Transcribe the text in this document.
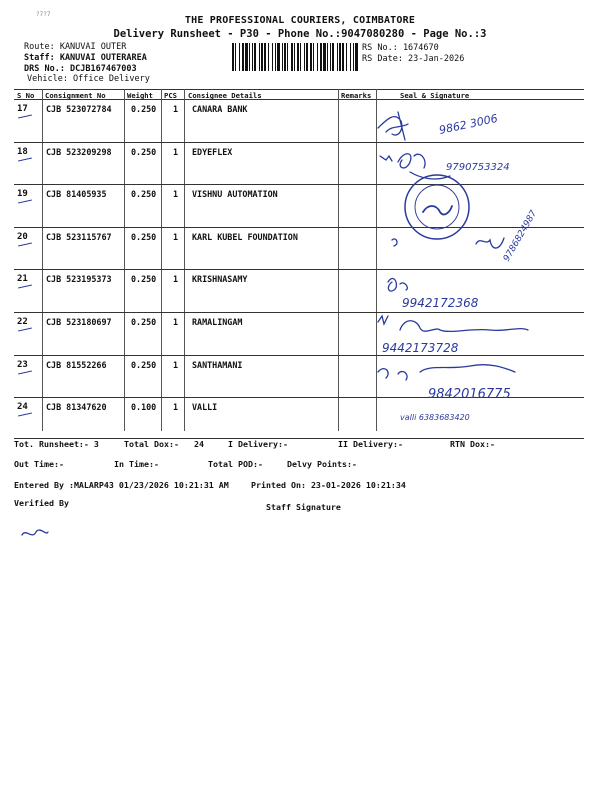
?7?7
THE PROFESSIONAL COURIERS, COIMBATORE
Delivery Runsheet - P30 - Phone No.:9047080280 - Page No.:3
Route: KANUVAI OUTER
Staff: KANUVAI OUTERAREA
DRS No.: DCJB167467003
Vehicle: Office Delivery
RS No.: 1674670
RS Date: 23-Jan-2026
S No Consignment No	Weight PCS Consignee Details	Remarks	Seal & Signature
17 CJB 523072784 0.250 1 CANARA BANK
18 CJB 523209298 0.250 1 EDYEFLEX
19 CJB 81405935	0.250 1 VISHNU AUTOMATION
20 CJB 523115767 0.250 1 KARL KUBEL FOUNDATION
21 CJB 523195373 0.250 1 KRISHNASAMY
22 CJB 523180697 0.250 1 RAMALINGAM
23 CJB 81552266	0.250 1 SANTHAMANI
24 CJB 81347620	0.100 1 VALLI
9862 3006
9790753324
9786824987
9942172368
9442173728
9842016775
valli 6383683420
Tot. Runsheet:- 3	Total Dox:- 24	I Delivery:-	II Delivery:-	RTN Dox:-
Out Time:-	In Time:-	Total POD:-	Delvy Points:-
Entered By :MALARP43 01/23/2026 10:21:31 AM	Printed On: 23-01-2026 10:21:34
Verified By	Staff Signature
